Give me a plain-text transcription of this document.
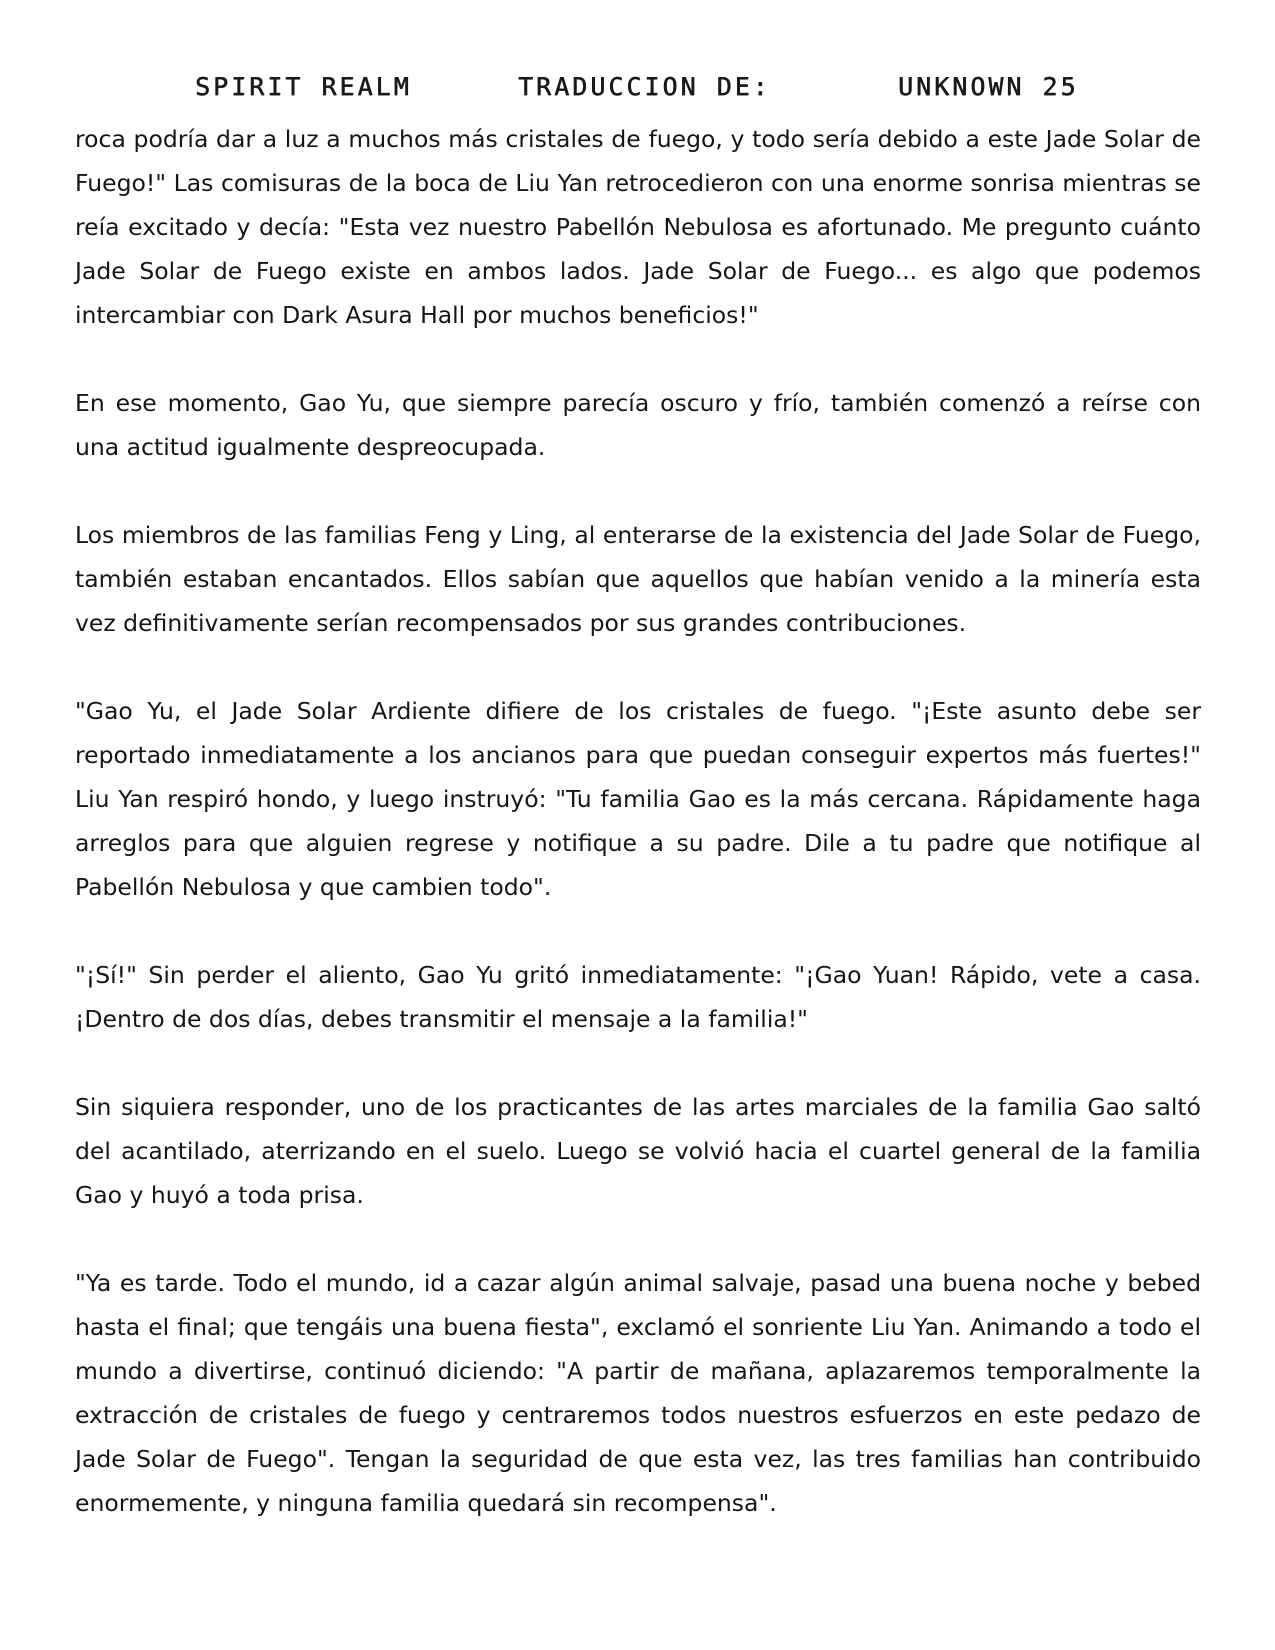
SPIRIT REALM	TRADUCCION DE:	UNKNOWN 25

roca podría dar a luz a muchos más cristales de fuego, y todo sería debido a este Jade Solar de Fuego!" Las comisuras de la boca de Liu Yan retrocedieron con una enorme sonrisa mientras se reía excitado y decía: "Esta vez nuestro Pabellón Nebulosa es afortunado. Me pregunto cuánto Jade Solar de Fuego existe en ambos lados. Jade Solar de Fuego... es algo que podemos intercambiar con Dark Asura Hall por muchos beneficios!"

En ese momento, Gao Yu, que siempre parecía oscuro y frío, también comenzó a reírse con una actitud igualmente despreocupada.

Los miembros de las familias Feng y Ling, al enterarse de la existencia del Jade Solar de Fuego, también estaban encantados. Ellos sabían que aquellos que habían venido a la minería esta vez definitivamente serían recompensados por sus grandes contribuciones.

"Gao Yu, el Jade Solar Ardiente difiere de los cristales de fuego. "¡Este asunto debe ser reportado inmediatamente a los ancianos para que puedan conseguir expertos más fuertes!" Liu Yan respiró hondo, y luego instruyó: "Tu familia Gao es la más cercana. Rápidamente haga arreglos para que alguien regrese y notifique a su padre. Dile a tu padre que notifique al Pabellón Nebulosa y que cambien todo".

"¡Sí!" Sin perder el aliento, Gao Yu gritó inmediatamente: "¡Gao Yuan! Rápido, vete a casa. ¡Dentro de dos días, debes transmitir el mensaje a la familia!"

Sin siquiera responder, uno de los practicantes de las artes marciales de la familia Gao saltó del acantilado, aterrizando en el suelo. Luego se volvió hacia el cuartel general de la familia Gao y huyó a toda prisa.

"Ya es tarde. Todo el mundo, id a cazar algún animal salvaje, pasad una buena noche y bebed hasta el final; que tengáis una buena fiesta", exclamó el sonriente Liu Yan. Animando a todo el mundo a divertirse, continuó diciendo: "A partir de mañana, aplazaremos temporalmente la extracción de cristales de fuego y centraremos todos nuestros esfuerzos en este pedazo de Jade Solar de Fuego". Tengan la seguridad de que esta vez, las tres familias han contribuido enormemente, y ninguna familia quedará sin recompensa".
